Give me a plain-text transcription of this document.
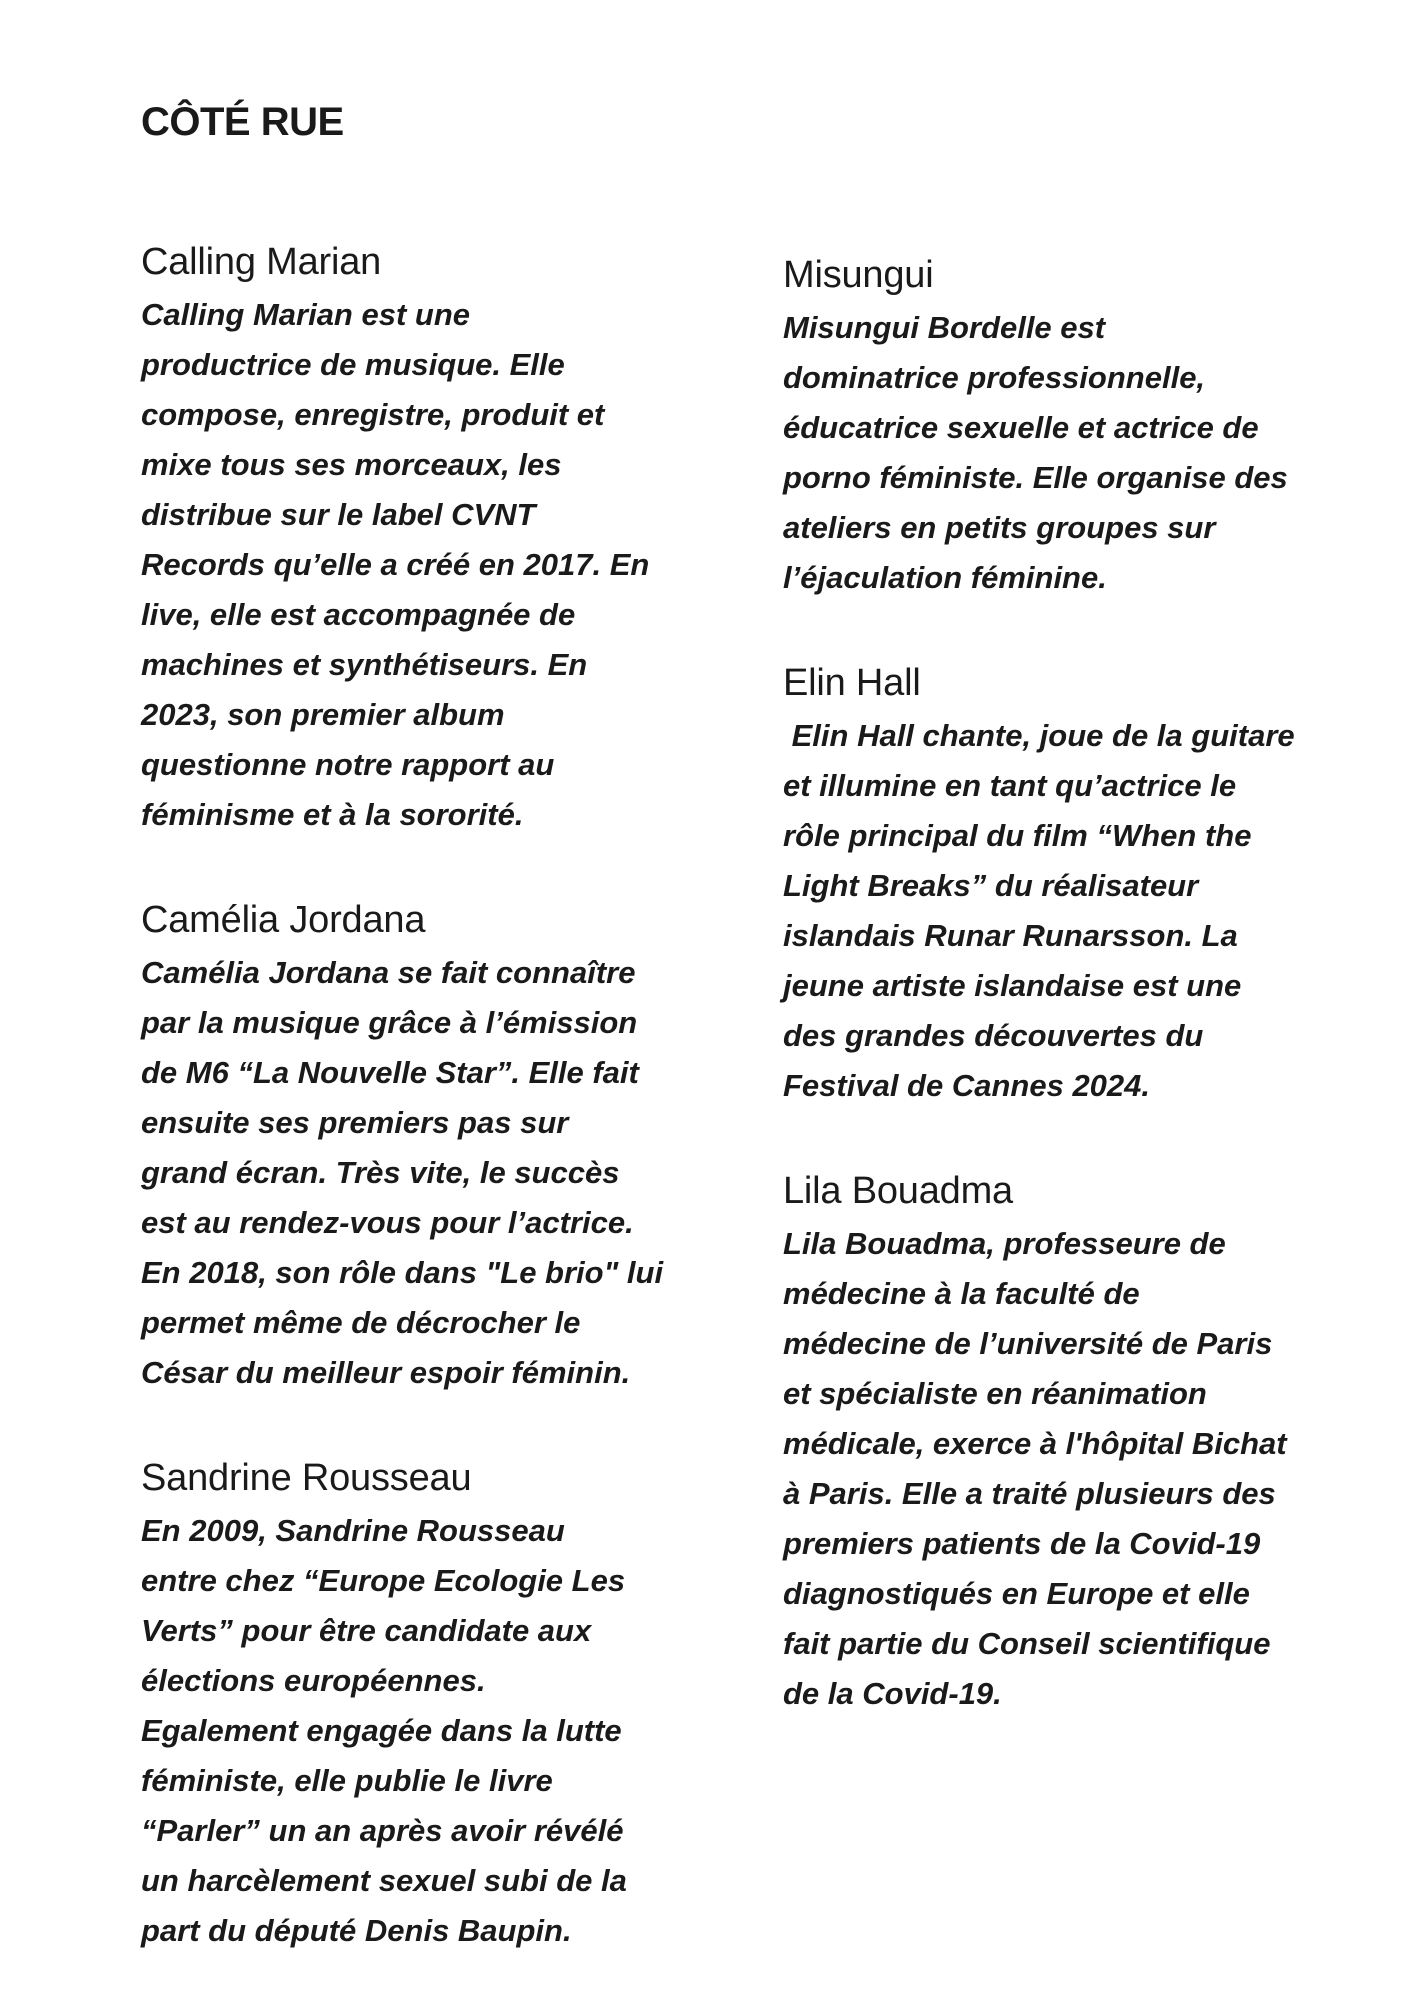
CÔTÉ RUE
Calling Marian
Calling Marian est une
productrice de musique. Elle
compose, enregistre, produit et
mixe tous ses morceaux, les
distribue sur le label CVNT
Records qu’elle a créé en 2017. En
live, elle est accompagnée de
machines et synthétiseurs. En
2023, son premier album
questionne notre rapport au
féminisme et à la sororité.
Camélia Jordana
Camélia Jordana se fait connaître
par la musique grâce à l’émission
de M6 “La Nouvelle Star”. Elle fait
ensuite ses premiers pas sur
grand écran. Très vite, le succès
est au rendez-vous pour l’actrice.
En 2018, son rôle dans "Le brio" lui
permet même de décrocher le
César du meilleur espoir féminin.
Sandrine Rousseau
En 2009, Sandrine Rousseau
entre chez “Europe Ecologie Les
Verts” pour être candidate aux
élections européennes.
Egalement engagée dans la lutte
féministe, elle publie le livre
“Parler” un an après avoir révélé
un harcèlement sexuel subi de la
part du député Denis Baupin.
Misungui
Misungui Bordelle est
dominatrice professionnelle,
éducatrice sexuelle et actrice de
porno féministe. Elle organise des
ateliers en petits groupes sur
l’éjaculation féminine.
Elin Hall
Elin Hall chante, joue de la guitare
et illumine en tant qu’actrice le
rôle principal du film “When the
Light Breaks” du réalisateur
islandais Runar Runarsson. La
jeune artiste islandaise est une
des grandes découvertes du
Festival de Cannes 2024.
Lila Bouadma
Lila Bouadma, professeure de
médecine à la faculté de
médecine de l’université de Paris
et spécialiste en réanimation
médicale, exerce à l'hôpital Bichat
à Paris. Elle a traité plusieurs des
premiers patients de la Covid-19
diagnostiqués en Europe et elle
fait partie du Conseil scientifique
de la Covid-19.
